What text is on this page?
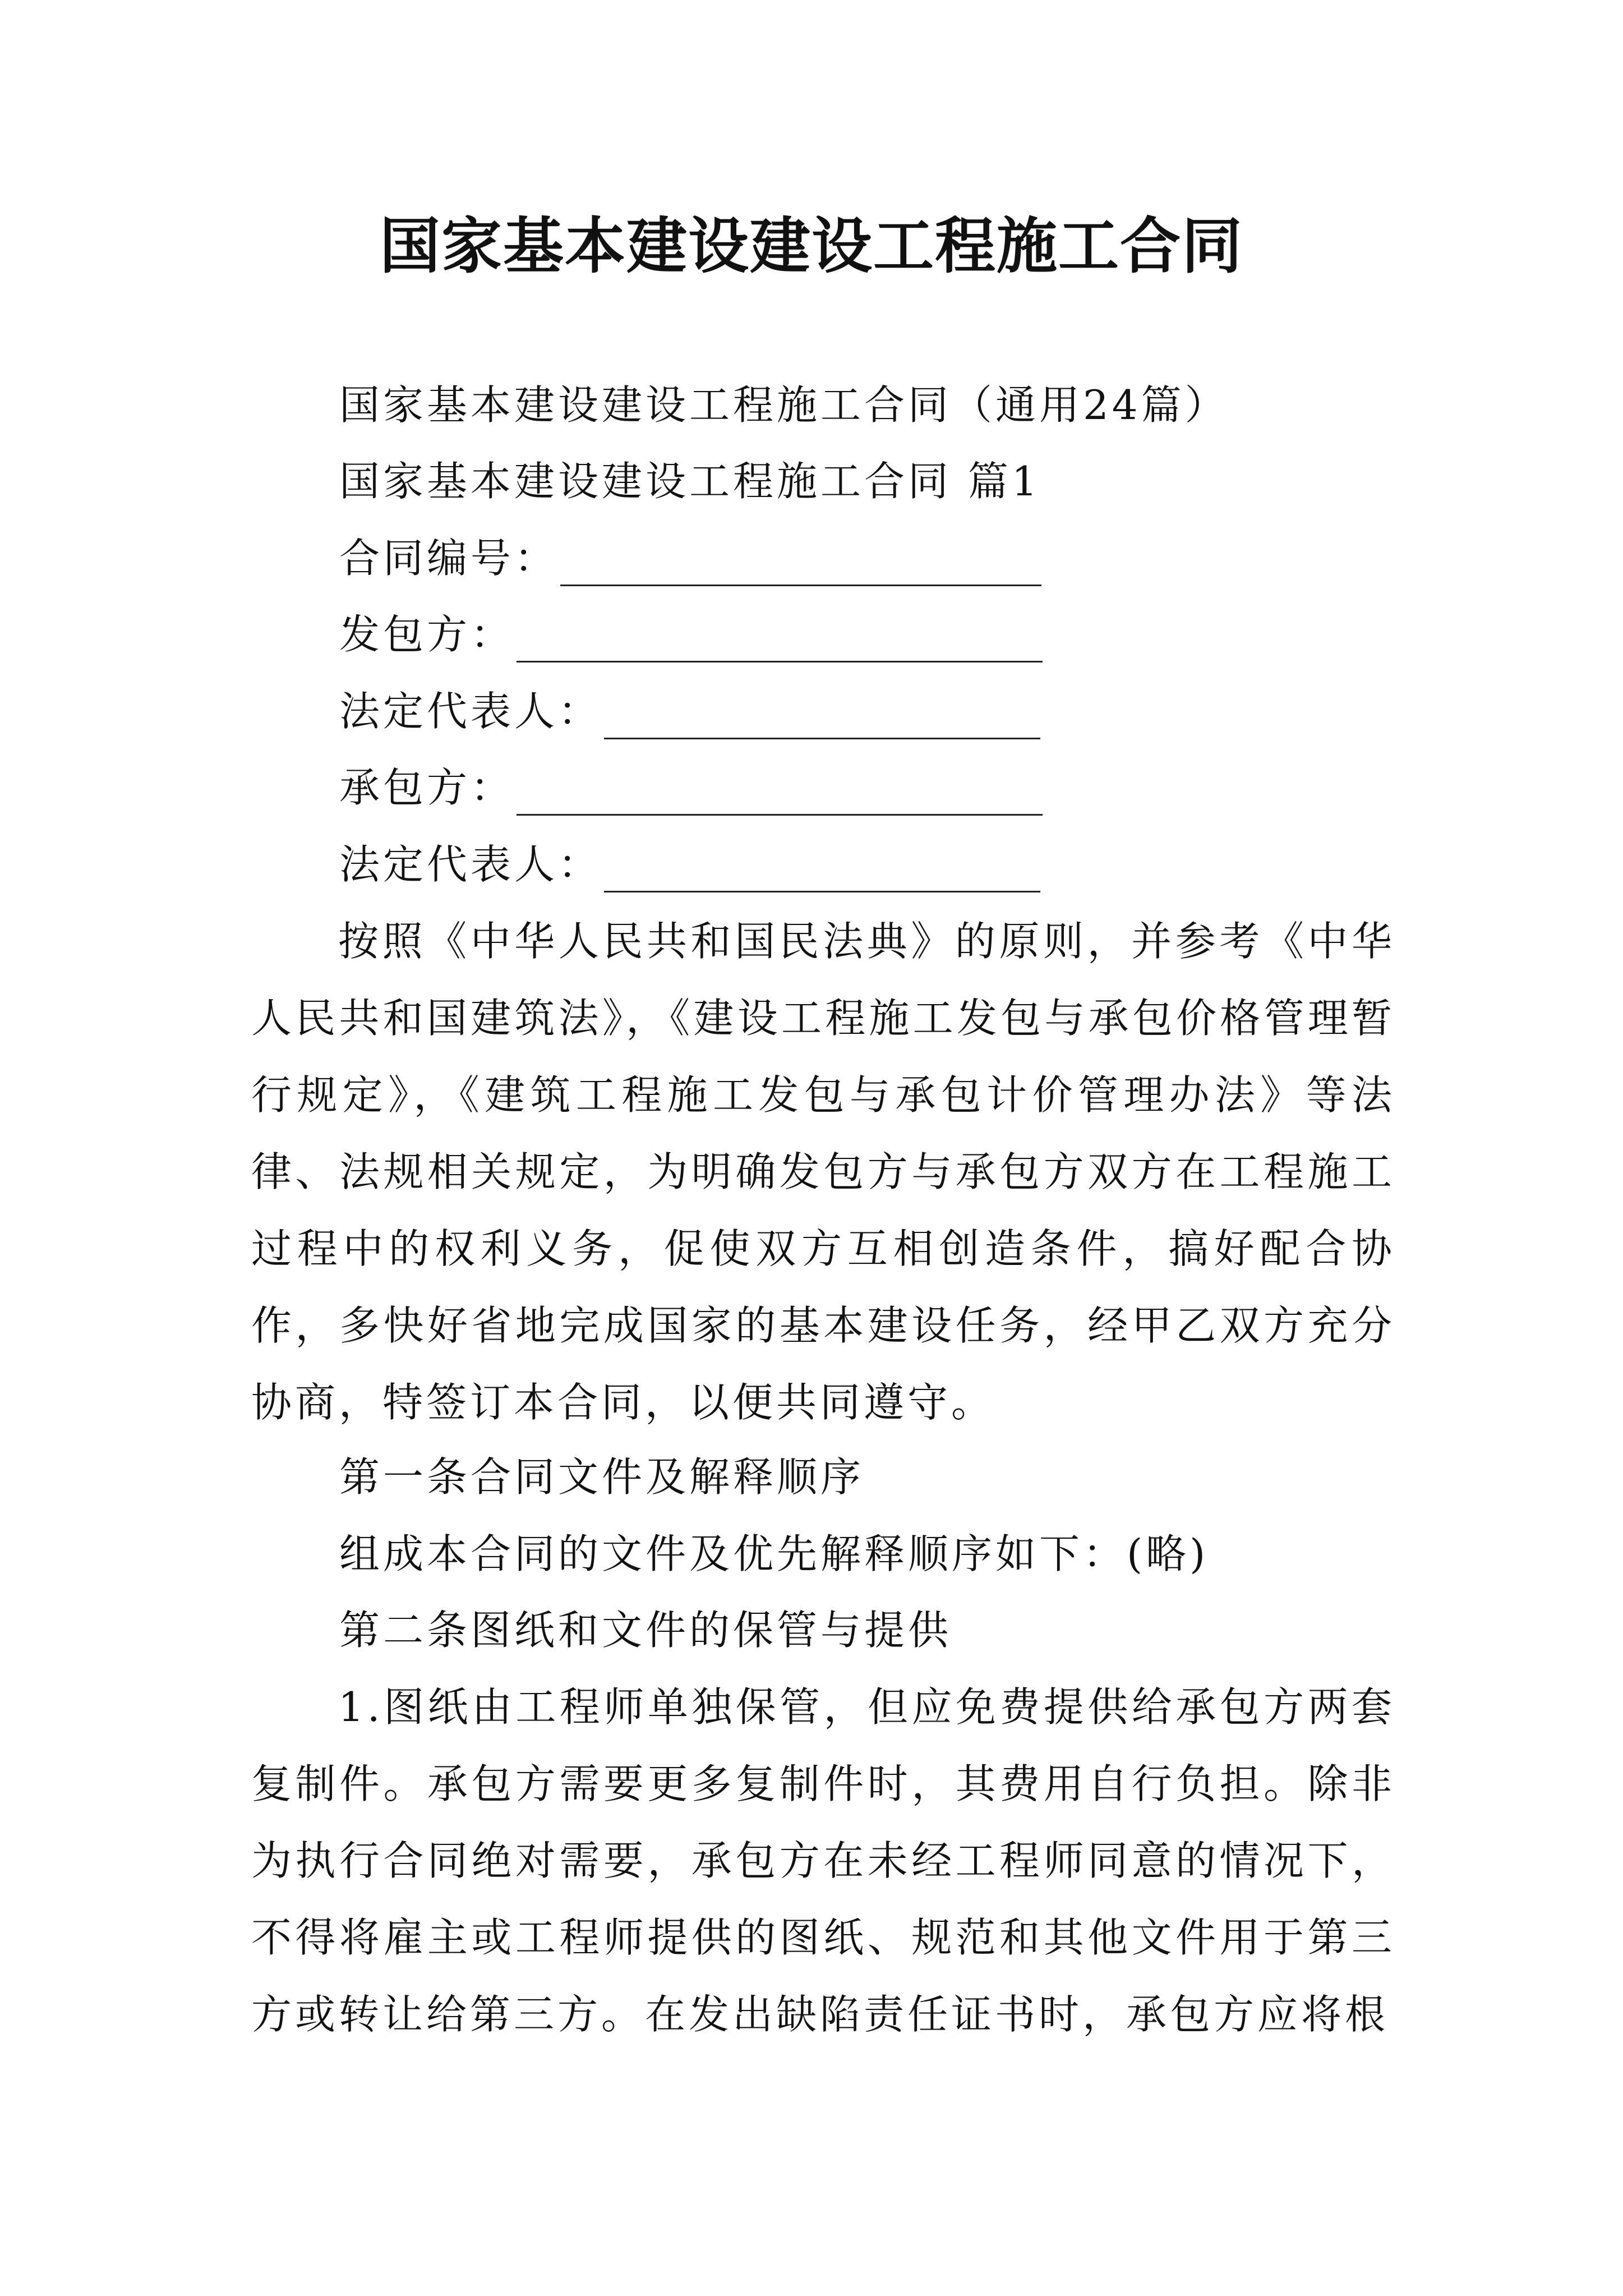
国家基本建设建设工程施工合同
国家基本建设建设工程施工合同（通用24篇）
国家基本建设建设工程施工合同 篇1
合同编号：
发包方：
法定代表人：
承包方：
法定代表人：
按照《中华人民共和国民法典》的原则，并参考《中华人民共和国建筑法》，《建设工程施工发包与承包价格管理暂行规定》，《建筑工程施工发包与承包计价管理办法》等法律、法规相关规定，为明确发包方与承包方双方在工程施工过程中的权利义务，促使双方互相创造条件，搞好配合协作，多快好省地完成国家的基本建设任务，经甲乙双方充分协商，特签订本合同，以便共同遵守。
第一条合同文件及解释顺序
组成本合同的文件及优先解释顺序如下：(略)
第二条图纸和文件的保管与提供
1.图纸由工程师单独保管，但应免费提供给承包方两套复制件。承包方需要更多复制件时，其费用自行负担。除非为执行合同绝对需要，承包方在未经工程师同意的情况下，不得将雇主或工程师提供的图纸、规范和其他文件用于第三方或转让给第三方。在发出缺陷责任证书时，承包方应将根
